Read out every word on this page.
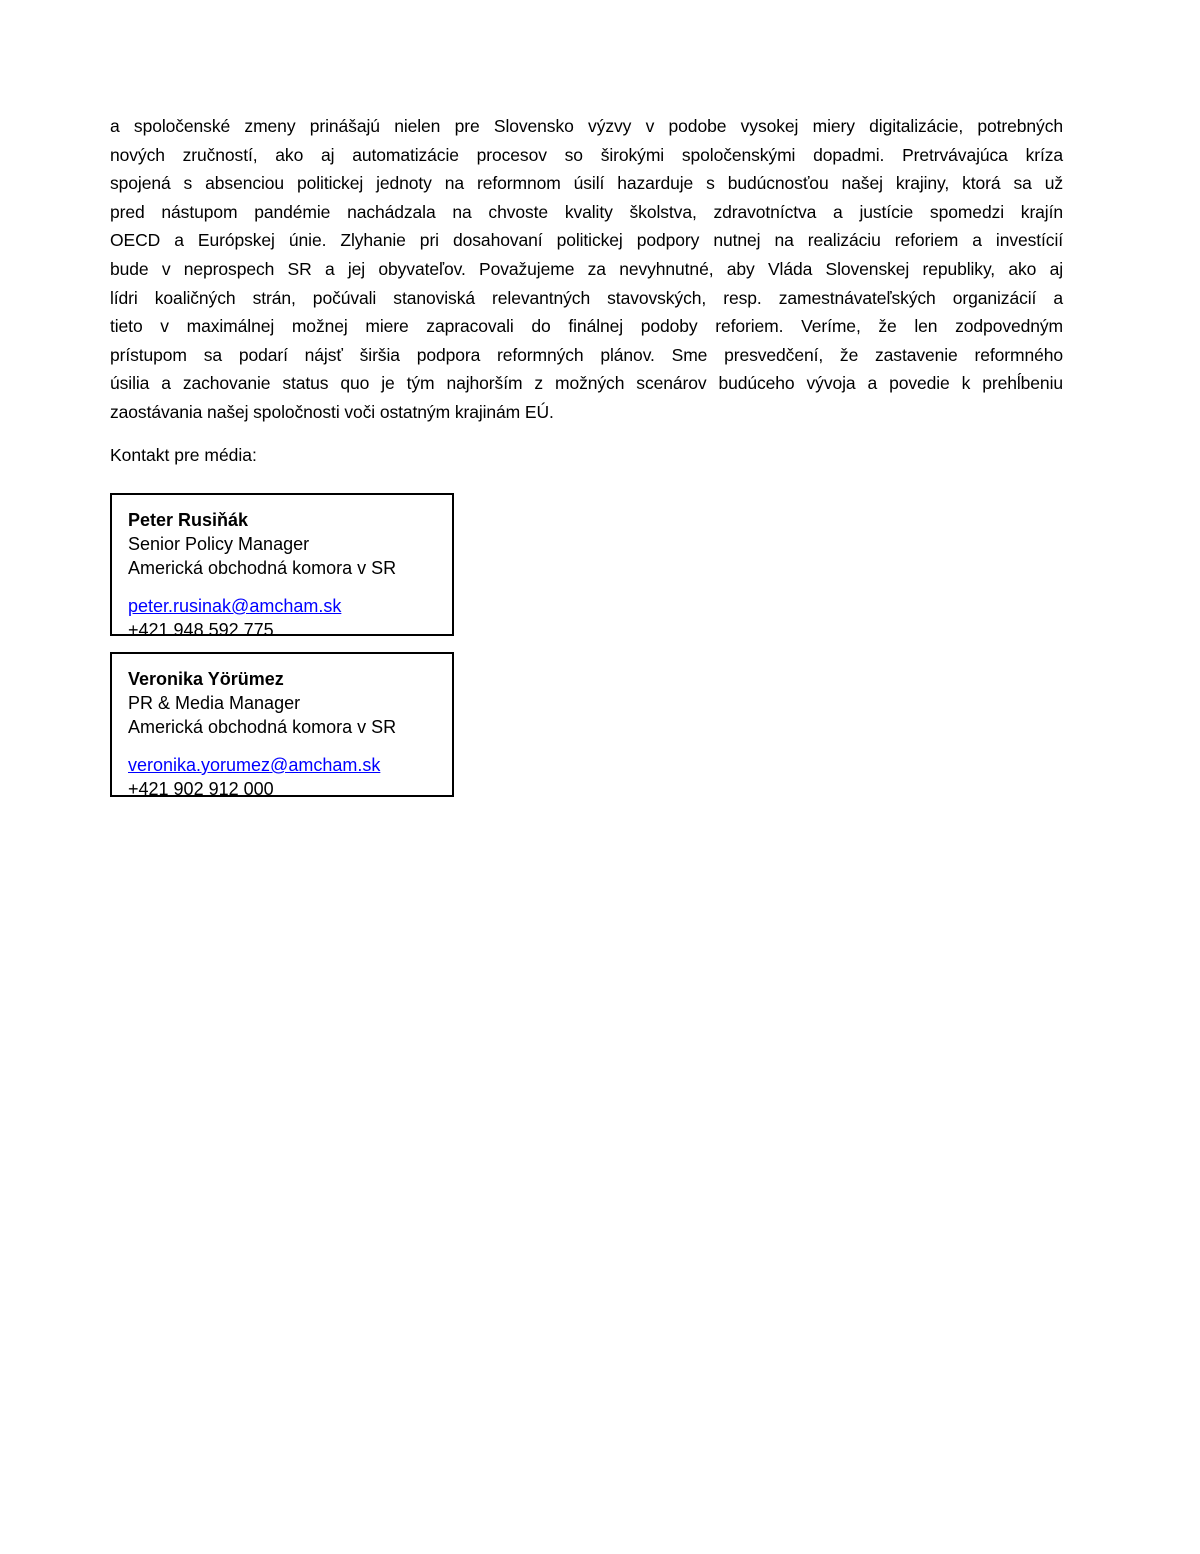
a spoločenské zmeny prinášajú nielen pre Slovensko výzvy v podobe vysokej miery digitalizácie, potrebných
nových zručností, ako aj automatizácie procesov so širokými spoločenskými dopadmi. Pretrvávajúca kríza
spojená s absenciou politickej jednoty na reformnom úsilí hazarduje s budúcnosťou našej krajiny, ktorá sa už
pred nástupom pandémie nachádzala na chvoste kvality školstva, zdravotníctva a justície spomedzi krajín
OECD a Európskej únie. Zlyhanie pri dosahovaní politickej podpory nutnej na realizáciu reforiem a investícií
bude v neprospech SR a jej obyvateľov. Považujeme za nevyhnutné, aby Vláda Slovenskej republiky, ako aj
lídri koaličných strán, počúvali stanoviská relevantných stavovských, resp. zamestnávateľských organizácií a
tieto v maximálnej možnej miere zapracovali do finálnej podoby reforiem. Veríme, že len zodpovedným
prístupom sa podarí nájsť širšia podpora reformných plánov. Sme presvedčení, že zastavenie reformného
úsilia a zachovanie status quo je tým najhorším z možných scenárov budúceho vývoja a povedie k prehĺbeniu
zaostávania našej spoločnosti voči ostatným krajinám EÚ.
Kontakt pre média:
Peter Rusiňák
Senior Policy Manager
Americká obchodná komora v SR
peter.rusinak@amcham.sk
+421 948 592 775
Veronika Yörümez
PR & Media Manager
Americká obchodná komora v SR
veronika.yorumez@amcham.sk
+421 902 912 000
